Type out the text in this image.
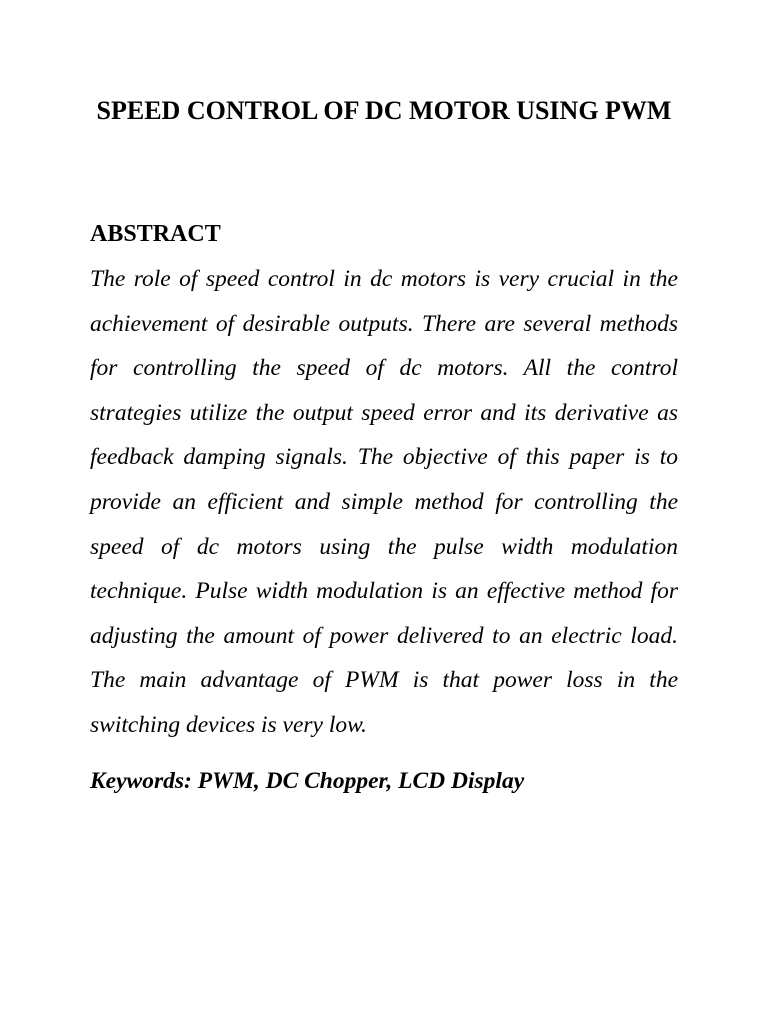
SPEED CONTROL OF DC MOTOR USING PWM
ABSTRACT

The role of speed control in dc motors is very crucial in the achievement of desirable outputs. There are several methods for controlling the speed of dc motors. All the control strategies utilize the output speed error and its derivative as feedback damping signals. The objective of this paper is to provide an efficient and simple method for controlling the speed of dc motors using the pulse width modulation technique. Pulse width modulation is an effective method for adjusting the amount of power delivered to an electric load. The main advantage of PWM is that power loss in the switching devices is very low.

Keywords: PWM, DC Chopper, LCD Display
